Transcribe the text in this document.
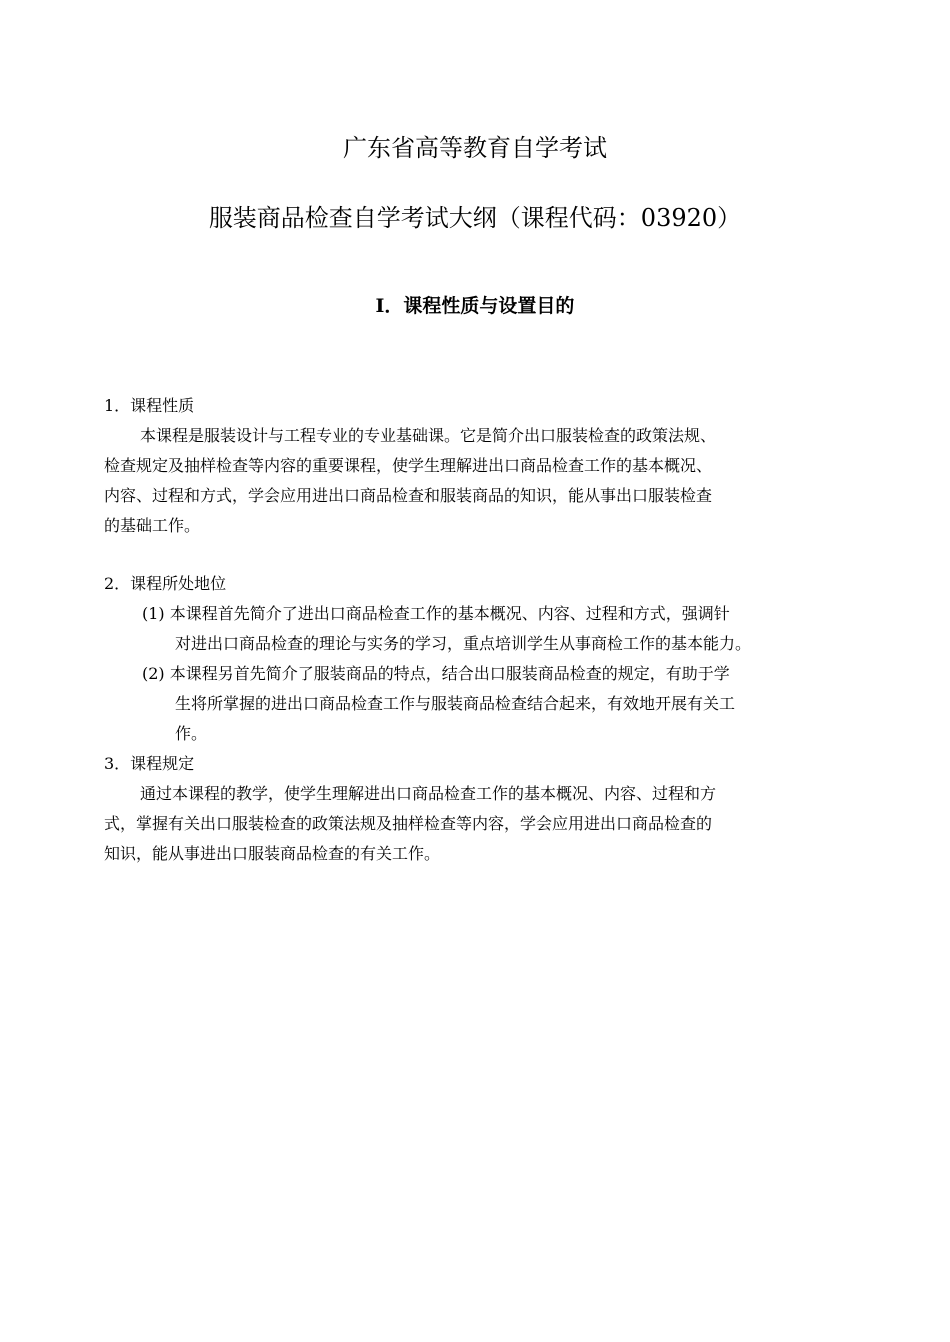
广东省高等教育自学考试
服装商品检查自学考试大纲（课程代码：03920）
I．课程性质与设置目的
1．课程性质
本课程是服装设计与工程专业的专业基础课。它是简介出口服装检查的政策法规、
检查规定及抽样检查等内容的重要课程，使学生理解进出口商品检查工作的基本概况、
内容、过程和方式，学会应用进出口商品检查和服装商品的知识，能从事出口服装检查
的基础工作。
2．课程所处地位
(1) 本课程首先简介了进出口商品检查工作的基本概况、内容、过程和方式，强调针
对进出口商品检查的理论与实务的学习，重点培训学生从事商检工作的基本能力。
(2) 本课程另首先简介了服装商品的特点，结合出口服装商品检查的规定，有助于学
生将所掌握的进出口商品检查工作与服装商品检查结合起来，有效地开展有关工
作。
3．课程规定
通过本课程的教学，使学生理解进出口商品检查工作的基本概况、内容、过程和方
式，掌握有关出口服装检查的政策法规及抽样检查等内容，学会应用进出口商品检查的
知识，能从事进出口服装商品检查的有关工作。
